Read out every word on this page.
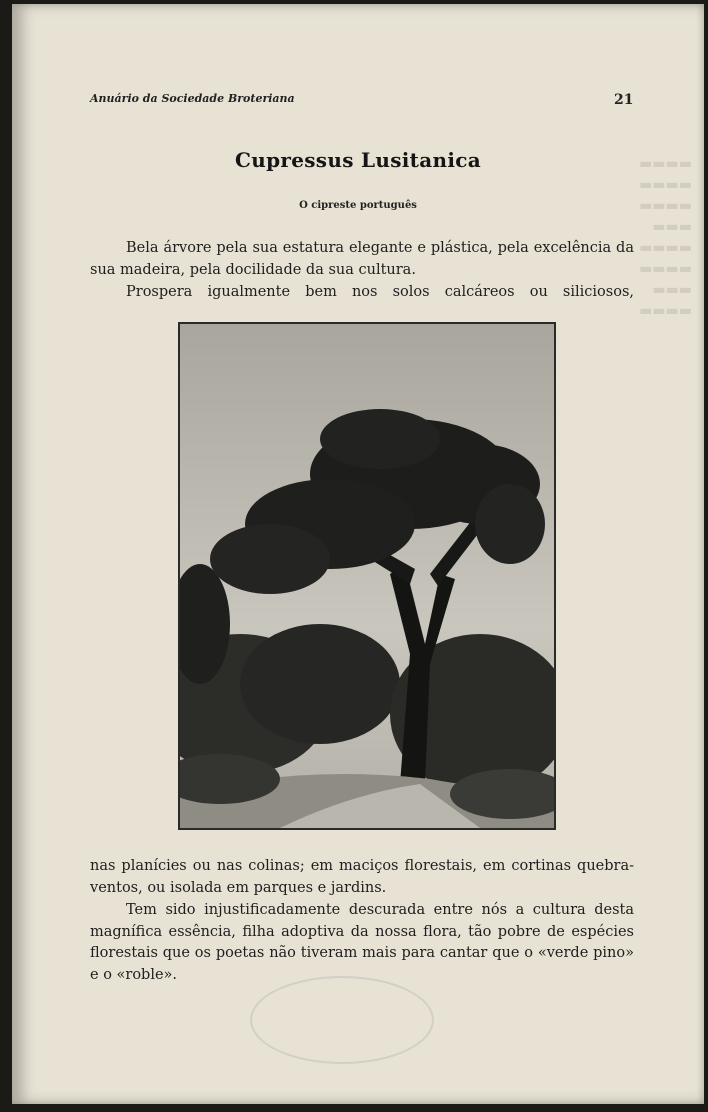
▬▬▬▬
▬▬▬▬
▬▬▬▬
▬▬▬
▬▬▬▬
▬▬▬▬
▬▬▬
▬▬▬▬
Anuário da Sociedade Broteriana	21
Cupressus Lusitanica
O cipreste português
Bela árvore pela sua estatura elegante e plástica, pela excelência da sua madeira, pela docilidade da sua cultura.
Prospera igualmente bem nos solos calcáreos ou siliciosos,
nas planícies ou nas colinas; em maciços florestais, em cortinas quebra-ventos, ou isolada em parques e jardins.
Tem sido injustificadamente descurada entre nós a cultura desta magnífica essência, filha adoptiva da nossa flora, tão pobre de espécies florestais que os poetas não tiveram mais para cantar que o «verde pino» e o «roble».
